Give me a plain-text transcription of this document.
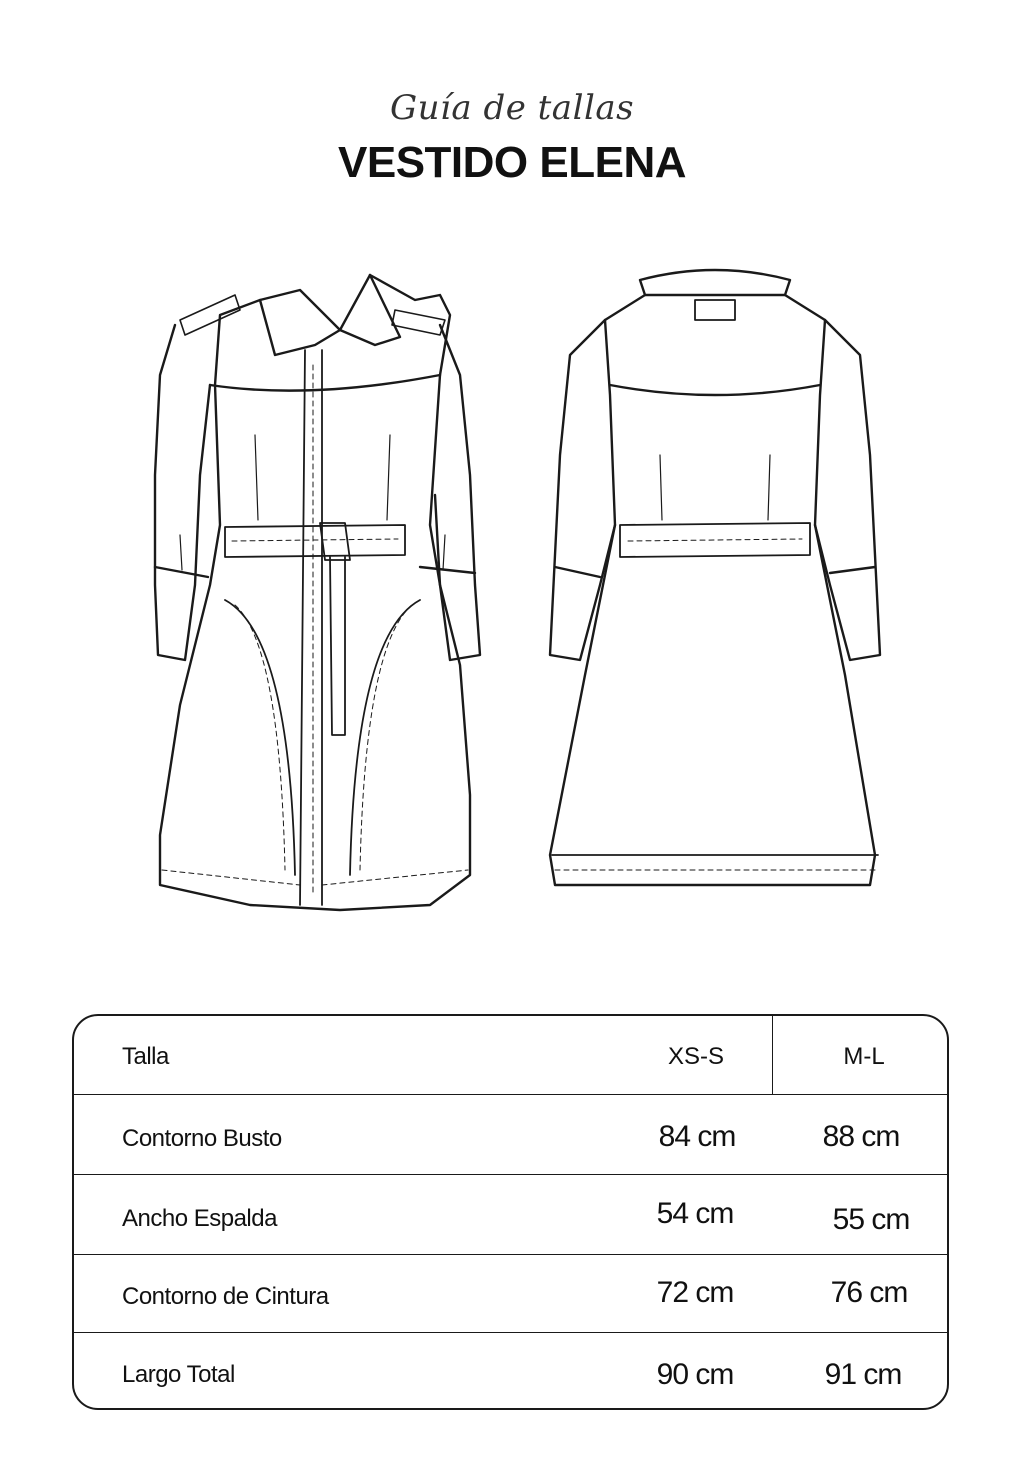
Guía de tallas
VESTIDO ELENA
Talla	XS-S	M-L
Contorno Busto	84 cm	88 cm
Ancho Espalda	54 cm	55 cm
Contorno de Cintura	72 cm	76 cm
Largo Total	90 cm	91 cm
